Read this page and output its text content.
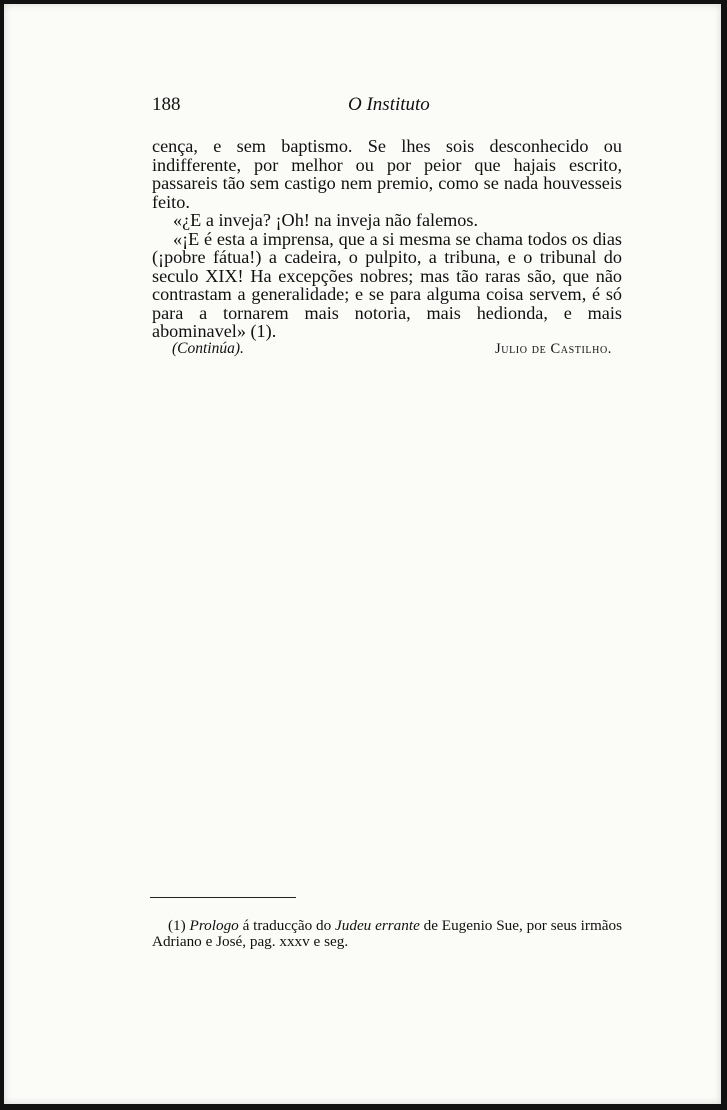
188	O Instituto

cença, e sem baptismo. Se lhes sois desconhecido ou indifferente, por melhor ou por peior que hajais escrito, passareis tão sem castigo nem premio, como se nada houvesseis feito.

«¿E a inveja? ¡Oh! na inveja não falemos.

«¡E é esta a imprensa, que a si mesma se chama todos os dias (¡pobre fátua!) a cadeira, o pulpito, a tribuna, e o tribunal do seculo XIX! Ha excepções nobres; mas tão raras são, que não contrastam a generalidade; e se para alguma coisa servem, é só para a tornarem mais notoria, mais hedionda, e mais abominavel» (1).

(Continúa).	Julio de Castilho.

(1) Prologo á traducção do Judeu errante de Eugenio Sue, por seus irmãos Adriano e José, pag. xxxv e seg.
